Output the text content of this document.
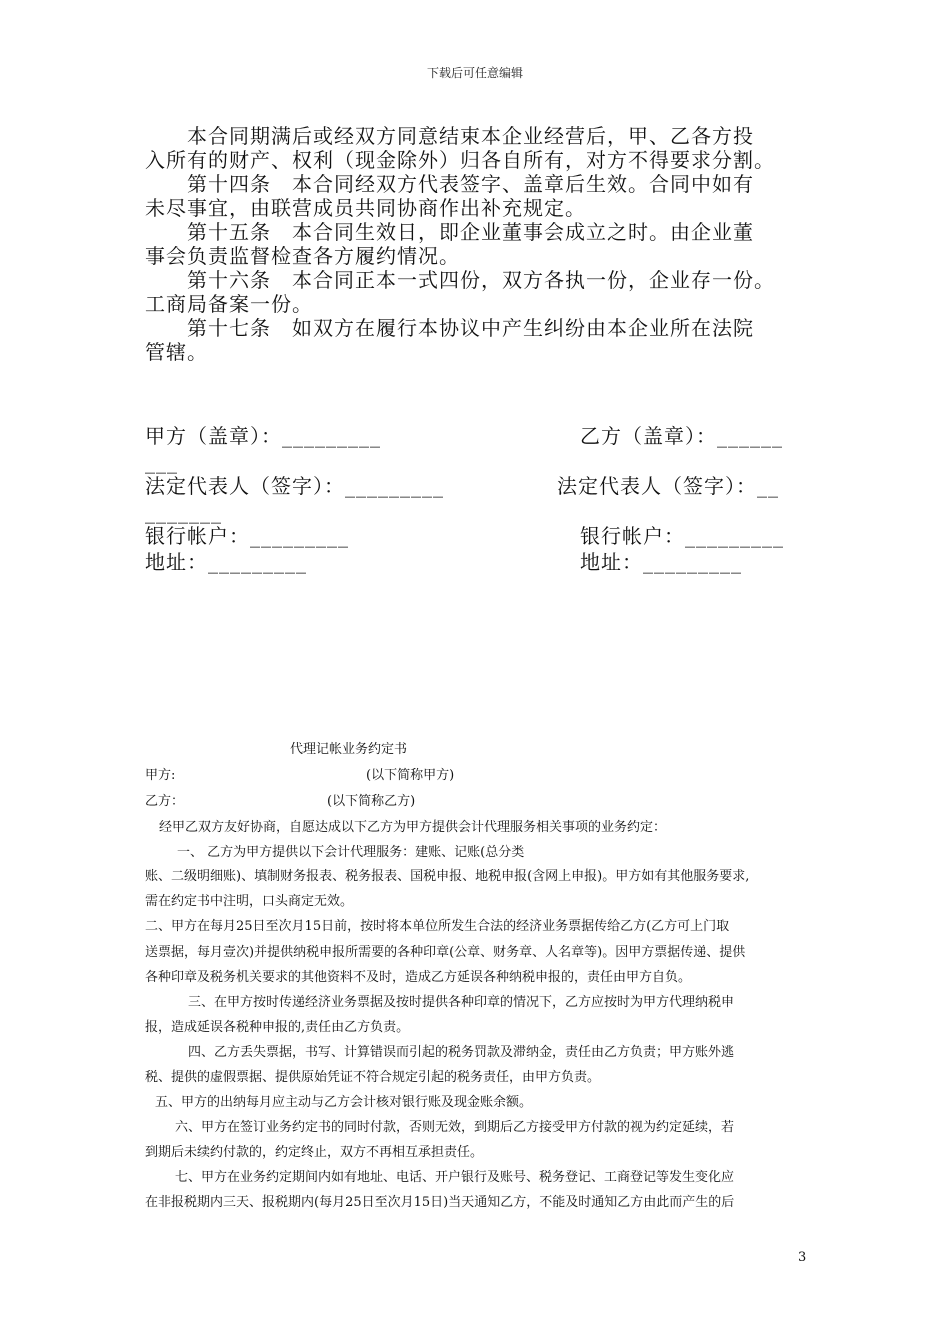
下载后可任意编辑
　　本合同期满后或经双方同意结束本企业经营后，甲、乙各方投
入所有的财产、权利（现金除外）归各自所有，对方不得要求分割。
　　第十四条　本合同经双方代表签字、盖章后生效。合同中如有
未尽事宜，由联营成员共同协商作出补充规定。
　　第十五条　本合同生效日，即企业董事会成立之时。由企业董
事会负责监督检查各方履约情况。
　　第十六条　本合同正本一式四份，双方各执一份，企业存一份。
工商局备案一份。
　　第十七条　如双方在履行本协议中产生纠纷由本企业所在法院
管辖。
甲方（盖章）：_________	乙方（盖章）：______
___
法定代表人（签字）：_________	法定代表人（签字）：__
_______
银行帐户：_________	银行帐户：_________
地址：_________	地址：_________
代理记帐业务约定书
甲方:	(以下简称甲方)
乙方：	(以下简称乙方)
经甲乙双方友好协商，自愿达成以下乙方为甲方提供会计代理服务相关事项的业务约定：
一、 乙方为甲方提供以下会计代理服务：建账、记账(总分类
账、二级明细账)、填制财务报表、税务报表、国税申报、地税申报(含网上申报)。甲方如有其他服务要求,
需在约定书中注明，口头商定无效。
二、甲方在每月25日至次月15日前，按时将本单位所发生合法的经济业务票据传给乙方(乙方可上门取
送票据，每月壹次)并提供纳税申报所需要的各种印章(公章、财务章、人名章等)。因甲方票据传递、提供
各种印章及税务机关要求的其他资料不及时，造成乙方延误各种纳税申报的，责任由甲方自负。
三、在甲方按时传递经济业务票据及按时提供各种印章的情况下，乙方应按时为甲方代理纳税申
报，造成延误各税种申报的,责任由乙方负责。
四、乙方丢失票据，书写、计算错误而引起的税务罚款及滞纳金，责任由乙方负责；甲方账外逃
税、提供的虚假票据、提供原始凭证不符合规定引起的税务责任，由甲方负责。
五、甲方的出纳每月应主动与乙方会计核对银行账及现金账余额。
六、甲方在签订业务约定书的同时付款，否则无效，到期后乙方接受甲方付款的视为约定延续，若
到期后未续约付款的，约定终止，双方不再相互承担责任。
七、甲方在业务约定期间内如有地址、电话、开户银行及账号、税务登记、工商登记等发生变化应
在非报税期内三天、报税期内(每月25日至次月15日)当天通知乙方，不能及时通知乙方由此而产生的后
3
